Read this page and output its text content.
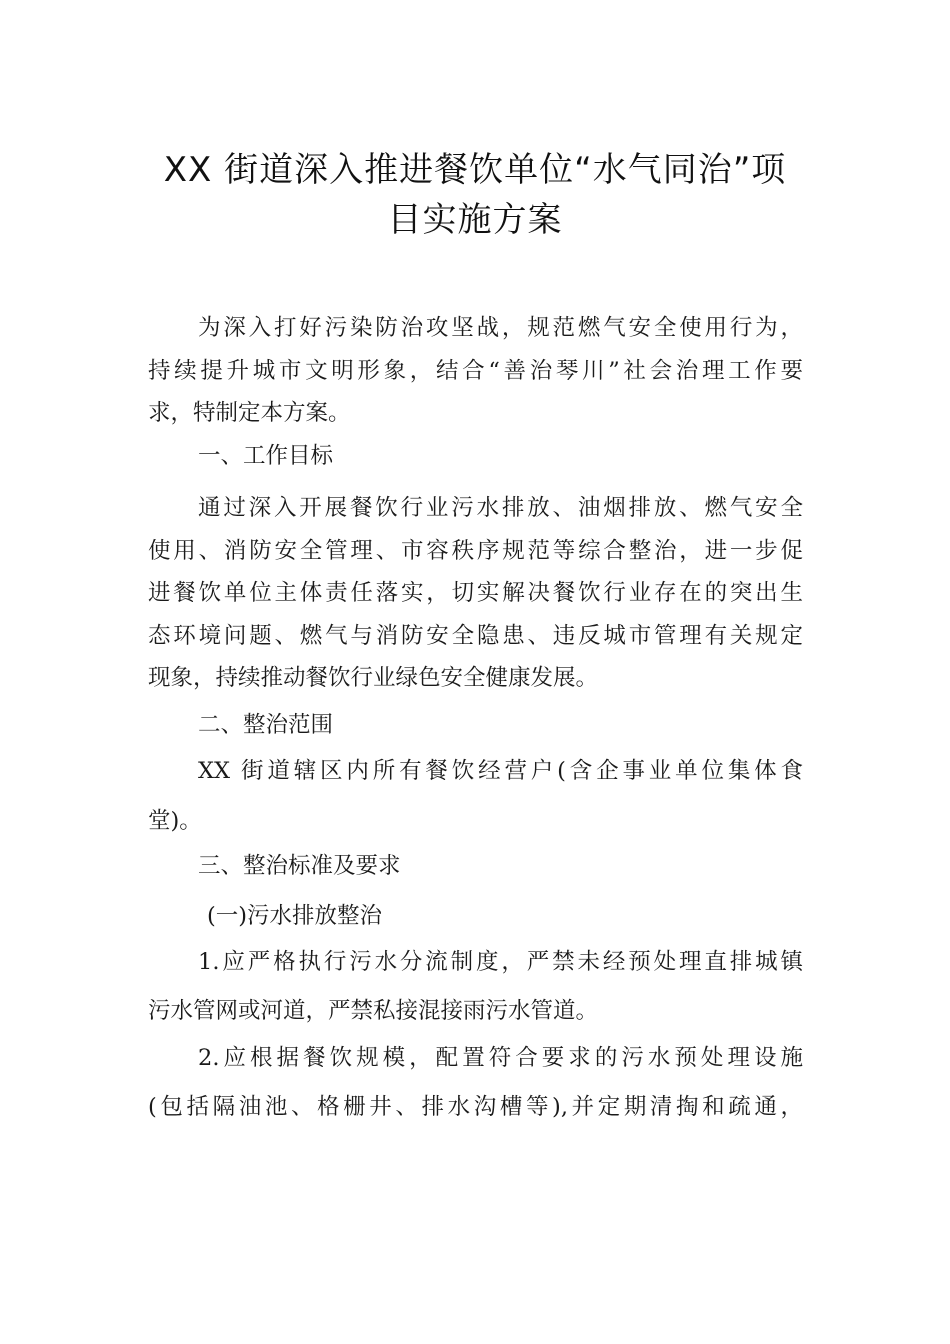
XX 街道深入推进餐饮单位“水气同治”项
目实施方案
为深入打好污染防治攻坚战，规范燃气安全使用行为，
持续提升城市文明形象，结合“善治琴川”社会治理工作要
求，特制定本方案。
一、工作目标
通过深入开展餐饮行业污水排放、油烟排放、燃气安全
使用、消防安全管理、市容秩序规范等综合整治，进一步促
进餐饮单位主体责任落实，切实解决餐饮行业存在的突出生
态环境问题、燃气与消防安全隐患、违反城市管理有关规定
现象，持续推动餐饮行业绿色安全健康发展。
二、整治范围
XX 街道辖区内所有餐饮经营户(含企事业单位集体食
堂)。
三、整治标准及要求
(一)污水排放整治
1.应严格执行污水分流制度，严禁未经预处理直排城镇
污水管网或河道，严禁私接混接雨污水管道。
2.应根据餐饮规模，配置符合要求的污水预处理设施
(包括隔油池、格栅井、排水沟槽等),并定期清掏和疏通，
